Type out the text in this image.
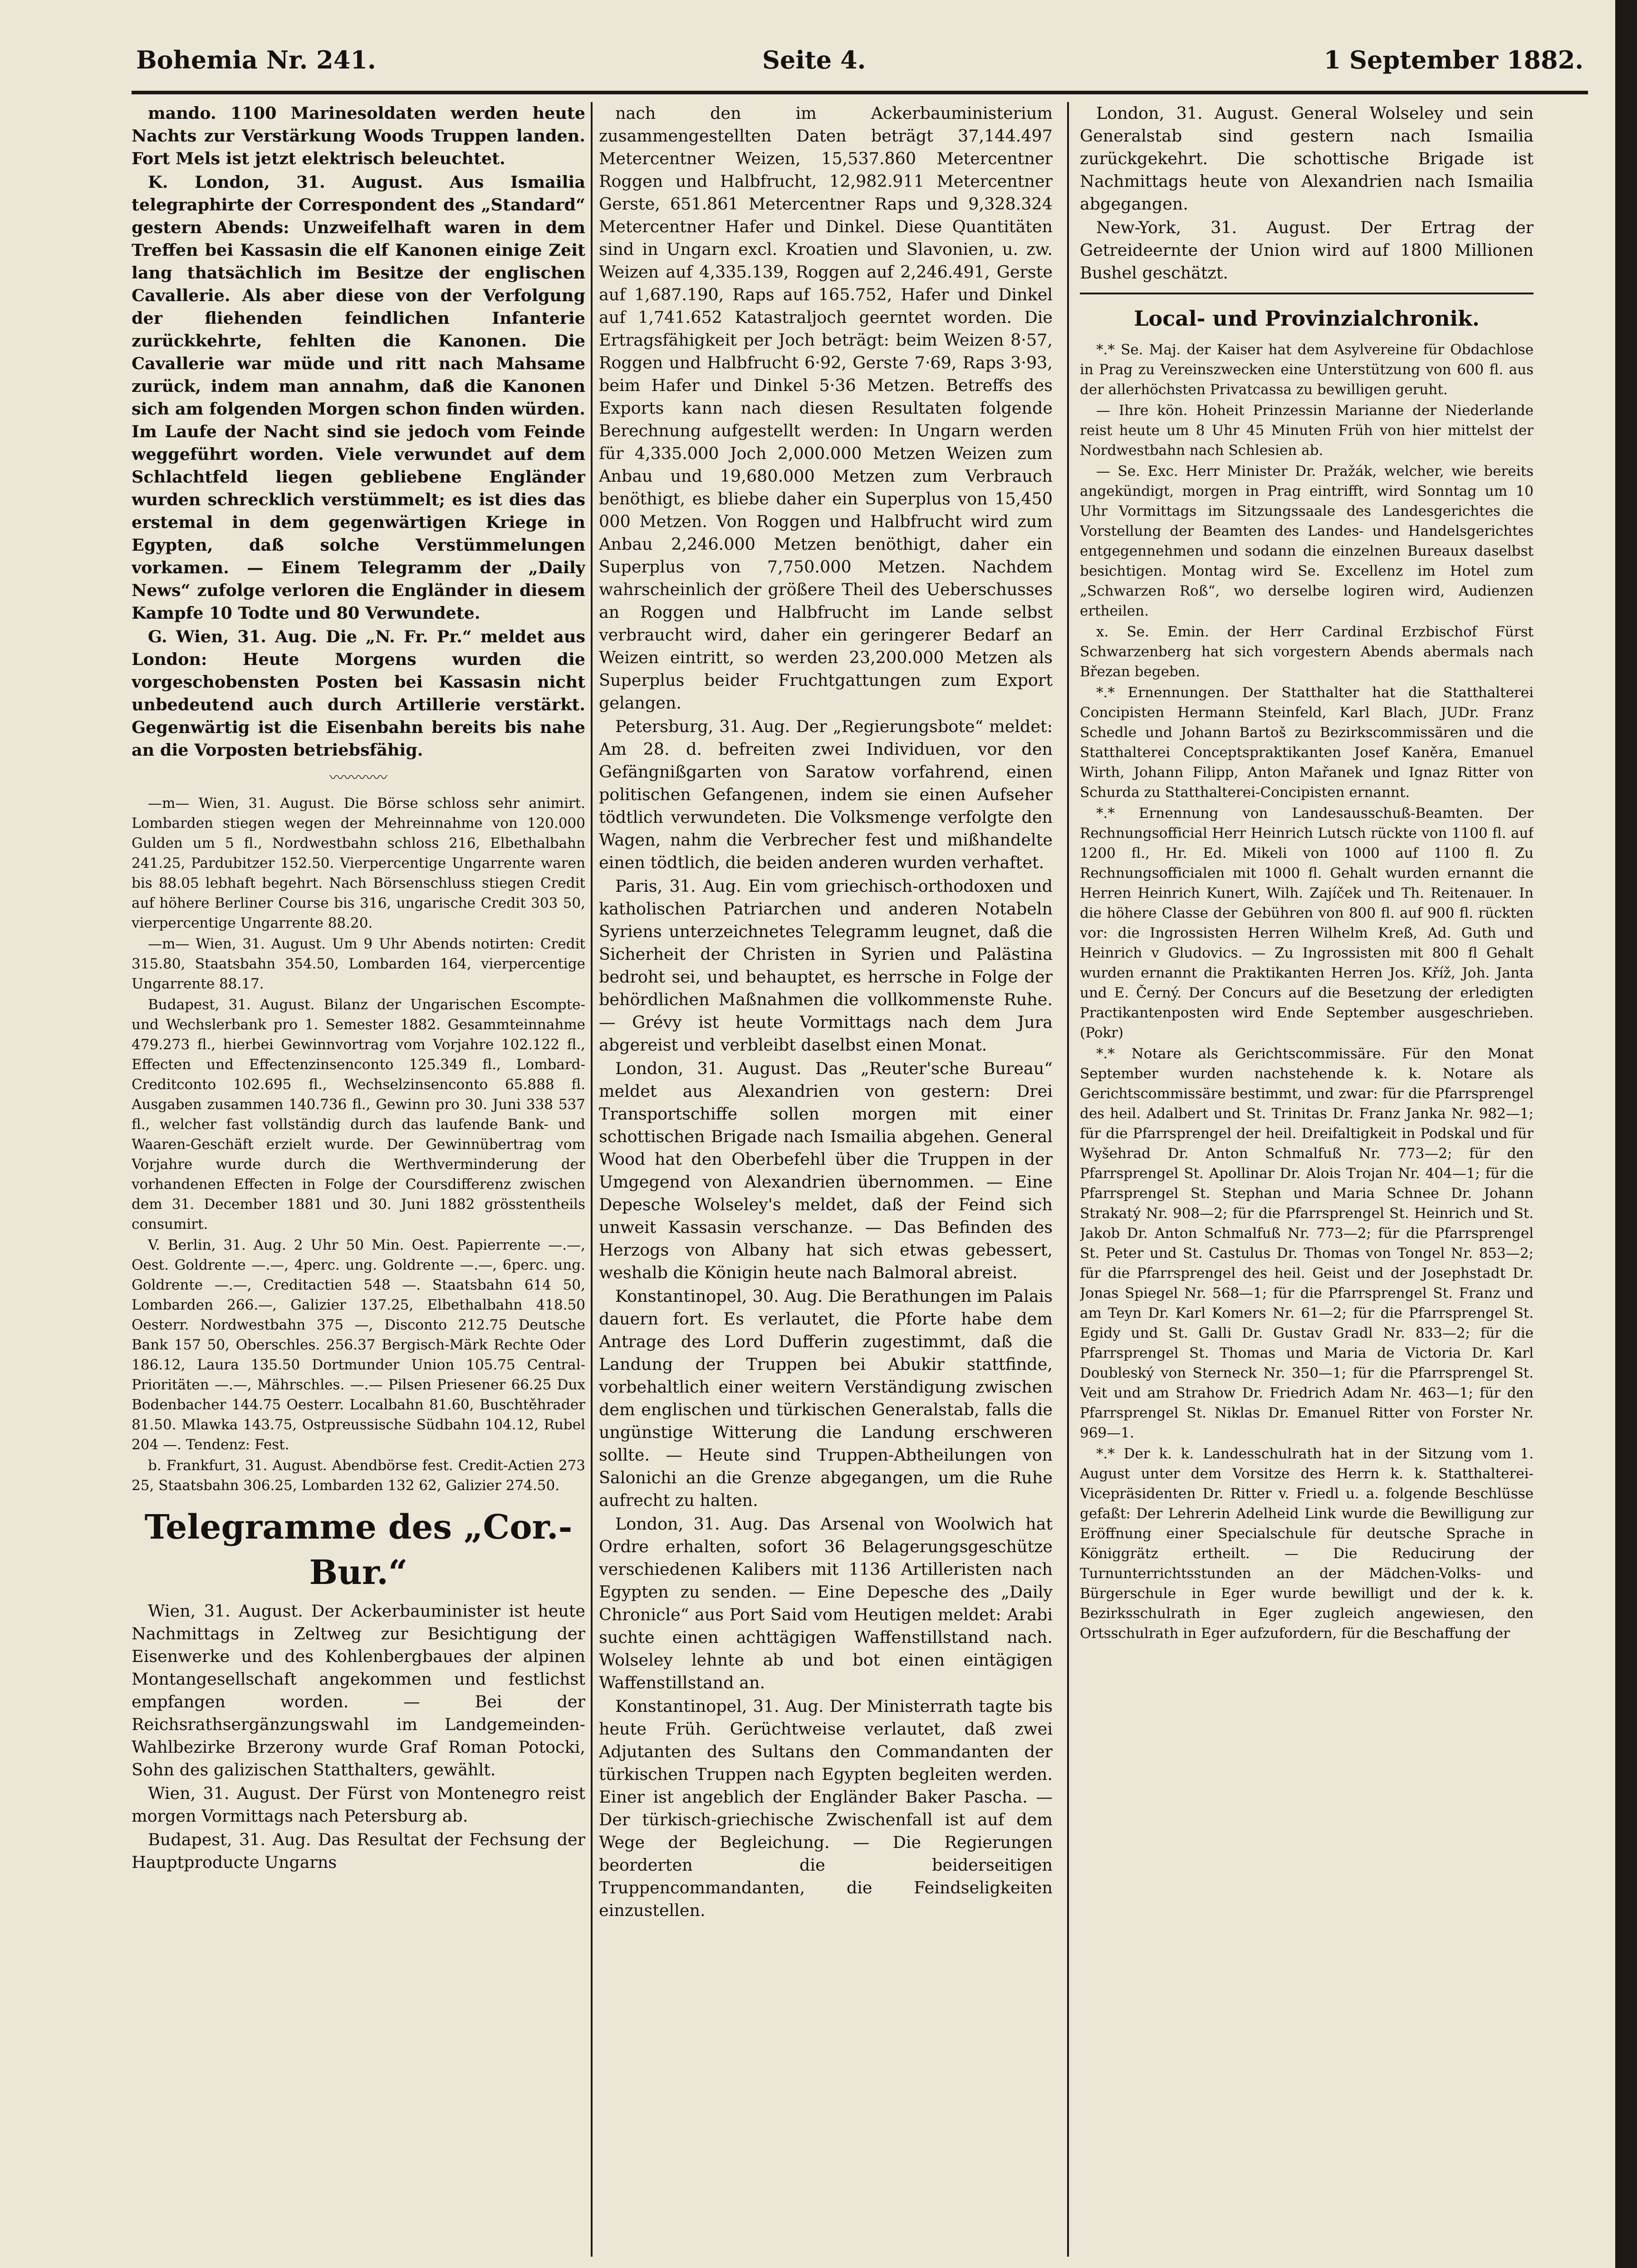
Bohemia Nr. 241.	Seite 4.	1 September 1882.

mando. 1100 Marinesoldaten werden heute Nachts zur Verstärkung Woods Truppen landen. Fort Mels ist jetzt elektrisch beleuchtet.

K. London, 31. August. Aus Ismailia telegraphirte der Correspondent des „Standard“ gestern Abends: Unzweifelhaft waren in dem Treffen bei Kassasin die elf Kanonen einige Zeit lang thatsächlich im Besitze der englischen Cavallerie. Als aber diese von der Verfolgung der fliehenden feindlichen Infanterie zurückkehrte, fehlten die Kanonen. Die Cavallerie war müde und ritt nach Mahsame zurück, indem man annahm, daß die Kanonen sich am folgenden Morgen schon finden würden. Im Laufe der Nacht sind sie jedoch vom Feinde weggeführt worden. Viele verwundet auf dem Schlachtfeld liegen gebliebene Engländer wurden schrecklich verstümmelt; es ist dies das erstemal in dem gegenwärtigen Kriege in Egypten, daß solche Verstümmelungen vorkamen. — Einem Telegramm der „Daily News“ zufolge verloren die Engländer in diesem Kampfe 10 Todte und 80 Verwundete.

G. Wien, 31. Aug. Die „N. Fr. Pr.“ meldet aus London: Heute Morgens wurden die vorgeschobensten Posten bei Kassasin nicht unbedeutend auch durch Artillerie verstärkt. Gegenwärtig ist die Eisenbahn bereits bis nahe an die Vorposten betriebsfähig.

〰〰〰〰

—m— Wien, 31. August. Die Börse schloss sehr animirt. Lombarden stiegen wegen der Mehreinnahme von 120.000 Gulden um 5 fl., Nordwestbahn schloss 216, Elbethalbahn 241.25, Pardubitzer 152.50. Vierpercentige Ungarrente waren bis 88.05 lebhaft begehrt. Nach Börsenschluss stiegen Credit auf höhere Berliner Course bis 316, ungarische Credit 303 50, vierpercentige Ungarrente 88.20.

—m— Wien, 31. August. Um 9 Uhr Abends notirten: Credit 315.80, Staatsbahn 354.50, Lombarden 164, vierpercentige Ungarrente 88.17.

Budapest, 31. August. Bilanz der Ungarischen Escompte- und Wechslerbank pro 1. Semester 1882. Gesammteinnahme 479.273 fl., hierbei Gewinnvortrag vom Vorjahre 102.122 fl., Effecten und Effectenzinsenconto 125.349 fl., Lombard-Creditconto 102.695 fl., Wechselzinsenconto 65.888 fl. Ausgaben zusammen 140.736 fl., Gewinn pro 30. Juni 338 537 fl., welcher fast vollständig durch das laufende Bank- und Waaren-Geschäft erzielt wurde. Der Gewinnübertrag vom Vorjahre wurde durch die Werthverminderung der vorhandenen Effecten in Folge der Coursdifferenz zwischen dem 31. December 1881 und 30. Juni 1882 grösstentheils consumirt.

V. Berlin, 31. Aug. 2 Uhr 50 Min. Oest. Papierrente —.—, Oest. Goldrente —.—, 4perc. ung. Goldrente —.—, 6perc. ung. Goldrente —.—, Creditactien 548 —. Staatsbahn 614 50, Lombarden 266.—, Galizier 137.25, Elbethalbahn 418.50 Oesterr. Nordwestbahn 375 —, Disconto 212.75 Deutsche Bank 157 50, Oberschles. 256.37 Bergisch-Märk Rechte Oder 186.12, Laura 135.50 Dortmunder Union 105.75 Central-Prioritäten —.—, Mährschles. —.— Pilsen Priesener 66.25 Dux Bodenbacher 144.75 Oesterr. Localbahn 81.60, Buschtěhrader 81.50. Mlawka 143.75, Ostpreussische Südbahn 104.12, Rubel 204 —. Tendenz: Fest.

b. Frankfurt, 31. August. Abendbörse fest. Credit-Actien 273 25, Staatsbahn 306.25, Lombarden 132 62, Galizier 274.50.

Telegramme des „Cor.-Bur.“

Wien, 31. August. Der Ackerbauminister ist heute Nachmittags in Zeltweg zur Besichtigung der Eisenwerke und des Kohlenbergbaues der alpinen Montangesellschaft angekommen und festlichst empfangen worden. — Bei der Reichsrathsergänzungswahl im Landgemeinden-Wahlbezirke Brzerony wurde Graf Roman Potocki, Sohn des galizischen Statthalters, gewählt.

Wien, 31. August. Der Fürst von Montenegro reist morgen Vormittags nach Petersburg ab.

Budapest, 31. Aug. Das Resultat der Fechsung der Hauptproducte Ungarns

nach den im Ackerbauministerium zusammengestellten Daten beträgt 37,144.497 Metercentner Weizen, 15,537.860 Metercentner Roggen und Halbfrucht, 12,982.911 Metercentner Gerste, 651.861 Metercentner Raps und 9,328.324 Metercentner Hafer und Dinkel. Diese Quantitäten sind in Ungarn excl. Kroatien und Slavonien, u. zw. Weizen auf 4,335.139, Roggen auf 2,246.491, Gerste auf 1,687.190, Raps auf 165.752, Hafer und Dinkel auf 1,741.652 Katastraljoch geerntet worden. Die Ertragsfähigkeit per Joch beträgt: beim Weizen 8·57, Roggen und Halbfrucht 6·92, Gerste 7·69, Raps 3·93, beim Hafer und Dinkel 5·36 Metzen. Betreffs des Exports kann nach diesen Resultaten folgende Berechnung aufgestellt werden: In Ungarn werden für 4,335.000 Joch 2,000.000 Metzen Weizen zum Anbau und 19,680.000 Metzen zum Verbrauch benöthigt, es bliebe daher ein Superplus von 15,450 000 Metzen. Von Roggen und Halbfrucht wird zum Anbau 2,246.000 Metzen benöthigt, daher ein Superplus von 7,750.000 Metzen. Nachdem wahrscheinlich der größere Theil des Ueberschusses an Roggen und Halbfrucht im Lande selbst verbraucht wird, daher ein geringerer Bedarf an Weizen eintritt, so werden 23,200.000 Metzen als Superplus beider Fruchtgattungen zum Export gelangen.

Petersburg, 31. Aug. Der „Regierungsbote“ meldet: Am 28. d. befreiten zwei Individuen, vor den Gefängnißgarten von Saratow vorfahrend, einen politischen Gefangenen, indem sie einen Aufseher tödtlich verwundeten. Die Volksmenge verfolgte den Wagen, nahm die Verbrecher fest und mißhandelte einen tödtlich, die beiden anderen wurden verhaftet.

Paris, 31. Aug. Ein vom griechisch-orthodoxen und katholischen Patriarchen und anderen Notabeln Syriens unterzeichnetes Telegramm leugnet, daß die Sicherheit der Christen in Syrien und Palästina bedroht sei, und behauptet, es herrsche in Folge der behördlichen Maßnahmen die vollkommenste Ruhe. — Grévy ist heute Vormittags nach dem Jura abgereist und verbleibt daselbst einen Monat.

London, 31. August. Das „Reuter'sche Bureau“ meldet aus Alexandrien von gestern: Drei Transportschiffe sollen morgen mit einer schottischen Brigade nach Ismailia abgehen. General Wood hat den Oberbefehl über die Truppen in der Umgegend von Alexandrien übernommen. — Eine Depesche Wolseley's meldet, daß der Feind sich unweit Kassasin verschanze. — Das Befinden des Herzogs von Albany hat sich etwas gebessert, weshalb die Königin heute nach Balmoral abreist.

Konstantinopel, 30. Aug. Die Berathungen im Palais dauern fort. Es verlautet, die Pforte habe dem Antrage des Lord Dufferin zugestimmt, daß die Landung der Truppen bei Abukir stattfinde, vorbehaltlich einer weitern Verständigung zwischen dem englischen und türkischen Generalstab, falls die ungünstige Witterung die Landung erschweren sollte. — Heute sind Truppen-Abtheilungen von Salonichi an die Grenze abgegangen, um die Ruhe aufrecht zu halten.

London, 31. Aug. Das Arsenal von Woolwich hat Ordre erhalten, sofort 36 Belagerungsgeschütze verschiedenen Kalibers mit 1136 Artilleristen nach Egypten zu senden. — Eine Depesche des „Daily Chronicle“ aus Port Said vom Heutigen meldet: Arabi suchte einen achttägigen Waffenstillstand nach. Wolseley lehnte ab und bot einen eintägigen Waffenstillstand an.

Konstantinopel, 31. Aug. Der Ministerrath tagte bis heute Früh. Gerüchtweise verlautet, daß zwei Adjutanten des Sultans den Commandanten der türkischen Truppen nach Egypten begleiten werden. Einer ist angeblich der Engländer Baker Pascha. — Der türkisch-griechische Zwischenfall ist auf dem Wege der Begleichung. — Die Regierungen beorderten die beiderseitigen Truppencommandanten, die Feindseligkeiten einzustellen.

London, 31. August. General Wolseley und sein Generalstab sind gestern nach Ismailia zurückgekehrt. Die schottische Brigade ist Nachmittags heute von Alexandrien nach Ismailia abgegangen.

New-York, 31. August. Der Ertrag der Getreideernte der Union wird auf 1800 Millionen Bushel geschätzt.

Local- und Provinzialchronik.

*.* Se. Maj. der Kaiser hat dem Asylvereine für Obdachlose in Prag zu Vereinszwecken eine Unterstützung von 600 fl. aus der allerhöchsten Privatcassa zu bewilligen geruht.

— Ihre kön. Hoheit Prinzessin Marianne der Niederlande reist heute um 8 Uhr 45 Minuten Früh von hier mittelst der Nordwestbahn nach Schlesien ab.

— Se. Exc. Herr Minister Dr. Pražák, welcher, wie bereits angekündigt, morgen in Prag eintrifft, wird Sonntag um 10 Uhr Vormittags im Sitzungssaale des Landesgerichtes die Vorstellung der Beamten des Landes- und Handelsgerichtes entgegennehmen und sodann die einzelnen Bureaux daselbst besichtigen. Montag wird Se. Excellenz im Hotel zum „Schwarzen Roß“, wo derselbe logiren wird, Audienzen ertheilen.

x. Se. Emin. der Herr Cardinal Erzbischof Fürst Schwarzenberg hat sich vorgestern Abends abermals nach Březan begeben.

*.* Ernennungen. Der Statthalter hat die Statthalterei Concipisten Hermann Steinfeld, Karl Blach, JUDr. Franz Schedle und Johann Bartoš zu Bezirkscommissären und die Statthalterei Conceptspraktikanten Josef Kaněra, Emanuel Wirth, Johann Filipp, Anton Mařanek und Ignaz Ritter von Schurda zu Statthalterei-Concipisten ernannt.

*.* Ernennung von Landesausschuß-Beamten. Der Rechnungsofficial Herr Heinrich Lutsch rückte von 1100 fl. auf 1200 fl., Hr. Ed. Mikeli von 1000 auf 1100 fl. Zu Rechnungsofficialen mit 1000 fl. Gehalt wurden ernannt die Herren Heinrich Kunert, Wilh. Zajíček und Th. Reitenauer. In die höhere Classe der Gebühren von 800 fl. auf 900 fl. rückten vor: die Ingrossisten Herren Wilhelm Kreß, Ad. Guth und Heinrich v Gludovics. — Zu Ingrossisten mit 800 fl Gehalt wurden ernannt die Praktikanten Herren Jos. Kříž, Joh. Janta und E. Černý. Der Concurs auf die Besetzung der erledigten Practikantenposten wird Ende September ausgeschrieben. (Pokr)

*.* Notare als Gerichtscommissäre. Für den Monat September wurden nachstehende k. k. Notare als Gerichtscommissäre bestimmt, und zwar: für die Pfarrsprengel des heil. Adalbert und St. Trinitas Dr. Franz Janka Nr. 982—1; für die Pfarrsprengel der heil. Dreifaltigkeit in Podskal und für Wyšehrad Dr. Anton Schmalfuß Nr. 773—2; für den Pfarrsprengel St. Apollinar Dr. Alois Trojan Nr. 404—1; für die Pfarrsprengel St. Stephan und Maria Schnee Dr. Johann Strakatý Nr. 908—2; für die Pfarrsprengel St. Heinrich und St. Jakob Dr. Anton Schmalfuß Nr. 773—2; für die Pfarrsprengel St. Peter und St. Castulus Dr. Thomas von Tongel Nr. 853—2; für die Pfarrsprengel des heil. Geist und der Josephstadt Dr. Jonas Spiegel Nr. 568—1; für die Pfarrsprengel St. Franz und am Teyn Dr. Karl Komers Nr. 61—2; für die Pfarrsprengel St. Egidy und St. Galli Dr. Gustav Gradl Nr. 833—2; für die Pfarrsprengel St. Thomas und Maria de Victoria Dr. Karl Doubleský von Sterneck Nr. 350—1; für die Pfarrsprengel St. Veit und am Strahow Dr. Friedrich Adam Nr. 463—1; für den Pfarrsprengel St. Niklas Dr. Emanuel Ritter von Forster Nr. 969—1.

*.* Der k. k. Landesschulrath hat in der Sitzung vom 1. August unter dem Vorsitze des Herrn k. k. Statthalterei-Vicepräsidenten Dr. Ritter v. Friedl u. a. folgende Beschlüsse gefaßt: Der Lehrerin Adelheid Link wurde die Bewilligung zur Eröffnung einer Specialschule für deutsche Sprache in Königgrätz ertheilt. — Die Reducirung der Turnunterrichtsstunden an der Mädchen-Volks- und Bürgerschule in Eger wurde bewilligt und der k. k. Bezirksschulrath in Eger zugleich angewiesen, den Ortsschulrath in Eger aufzufordern, für die Beschaffung der
